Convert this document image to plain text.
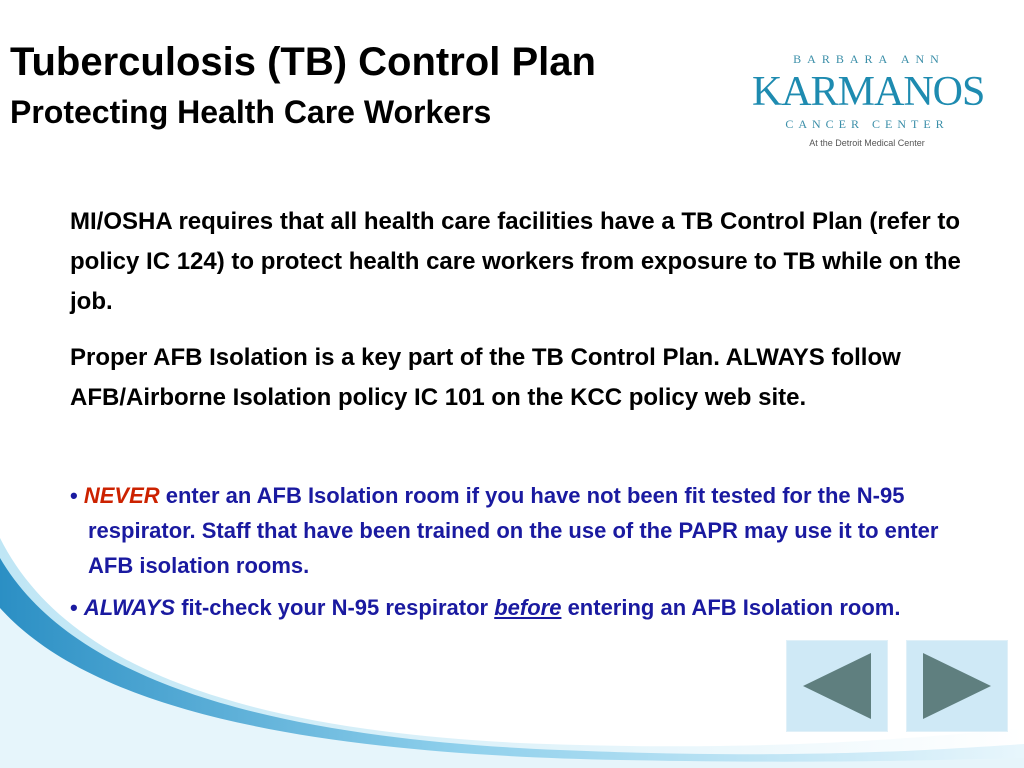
Tuberculosis (TB) Control Plan
Protecting Health Care Workers
BARBARA ANN
KARMANOS
CANCER CENTER
At the Detroit Medical Center
MI/OSHA requires that all health care facilities have a TB Control Plan (refer to policy IC 124) to protect health care workers from exposure to TB while on the job.
Proper AFB Isolation is a key part of the TB Control Plan. ALWAYS follow AFB/Airborne Isolation policy IC 101 on the KCC policy web site.
• NEVER enter an AFB Isolation room if you have not been fit tested for the N-95 respirator. Staff that have been trained on the use of the PAPR may use it to enter AFB isolation rooms.
• ALWAYS fit-check your N-95 respirator before entering an AFB Isolation room.
